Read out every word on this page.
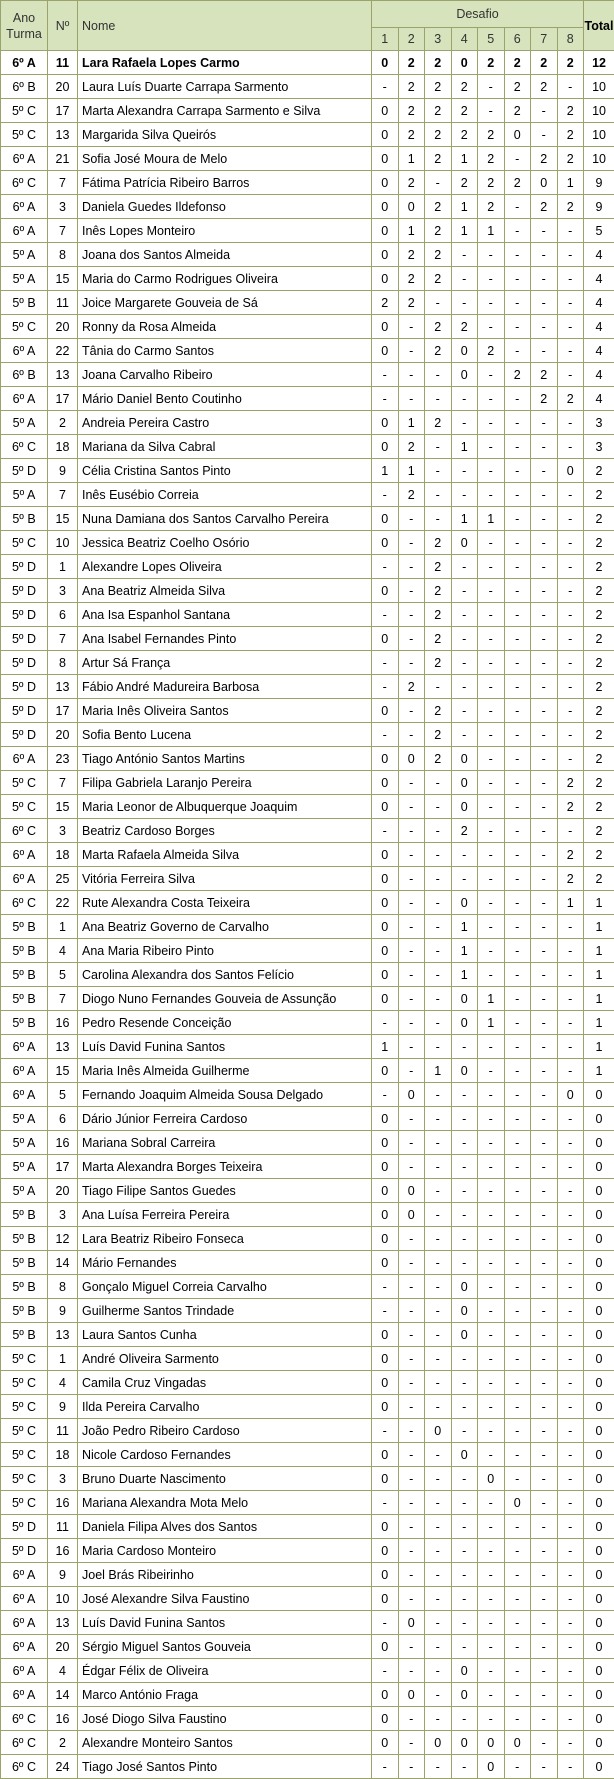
Ano
Turma	Nº	Nome	Desafio								Total
			1	2	3	4	5	6	7	8	
6º A	11	Lara Rafaela Lopes Carmo	0	2	2	0	2	2	2	2	12
6º B	20	Laura Luís Duarte Carrapa Sarmento	-	2	2	2	-	2	2	-	10
5º C	17	Marta Alexandra Carrapa Sarmento e Silva	0	2	2	2	-	2	-	2	10
5º C	13	Margarida Silva Queirós	0	2	2	2	2	0	-	2	10
6º A	21	Sofia José Moura de Melo	0	1	2	1	2	-	2	2	10
6º C	7	Fátima Patrícia Ribeiro Barros	0	2	-	2	2	2	0	1	9
6º A	3	Daniela Guedes Ildefonso	0	0	2	1	2	-	2	2	9
6º A	7	Inês Lopes Monteiro	0	1	2	1	1	-	-	-	5
5º A	8	Joana dos Santos Almeida	0	2	2	-	-	-	-	-	4
5º A	15	Maria do Carmo Rodrigues Oliveira	0	2	2	-	-	-	-	-	4
5º B	11	Joice Margarete Gouveia de Sá	2	2	-	-	-	-	-	-	4
5º C	20	Ronny da Rosa Almeida	0	-	2	2	-	-	-	-	4
6º A	22	Tânia do Carmo Santos	0	-	2	0	2	-	-	-	4
6º B	13	Joana Carvalho Ribeiro	-	-	-	0	-	2	2	-	4
6º A	17	Mário Daniel Bento Coutinho	-	-	-	-	-	-	2	2	4
5º A	2	Andreia Pereira Castro	0	1	2	-	-	-	-	-	3
6º C	18	Mariana da Silva Cabral	0	2	-	1	-	-	-	-	3
5º D	9	Célia Cristina Santos Pinto	1	1	-	-	-	-	-	0	2
5º A	7	Inês Eusébio Correia	-	2	-	-	-	-	-	-	2
5º B	15	Nuna Damiana dos Santos Carvalho Pereira	0	-	-	1	1	-	-	-	2
5º C	10	Jessica Beatriz Coelho Osório	0	-	2	0	-	-	-	-	2
5º D	1	Alexandre Lopes Oliveira	-	-	2	-	-	-	-	-	2
5º D	3	Ana Beatriz Almeida Silva	0	-	2	-	-	-	-	-	2
5º D	6	Ana Isa Espanhol Santana	-	-	2	-	-	-	-	-	2
5º D	7	Ana Isabel Fernandes Pinto	0	-	2	-	-	-	-	-	2
5º D	8	Artur Sá França	-	-	2	-	-	-	-	-	2
5º D	13	Fábio André Madureira Barbosa	-	2	-	-	-	-	-	-	2
5º D	17	Maria Inês Oliveira Santos	0	-	2	-	-	-	-	-	2
5º D	20	Sofia Bento Lucena	-	-	2	-	-	-	-	-	2
6º A	23	Tiago António Santos Martins	0	0	2	0	-	-	-	-	2
5º C	7	Filipa Gabriela Laranjo Pereira	0	-	-	0	-	-	-	2	2
5º C	15	Maria Leonor de Albuquerque Joaquim	0	-	-	0	-	-	-	2	2
6º C	3	Beatriz Cardoso Borges	-	-	-	2	-	-	-	-	2
6º A	18	Marta Rafaela Almeida Silva	0	-	-	-	-	-	-	2	2
6º A	25	Vitória Ferreira Silva	0	-	-	-	-	-	-	2	2
6º C	22	Rute Alexandra Costa Teixeira	0	-	-	0	-	-	-	1	1
5º B	1	Ana Beatriz Governo de Carvalho	0	-	-	1	-	-	-	-	1
5º B	4	Ana Maria Ribeiro Pinto	0	-	-	1	-	-	-	-	1
5º B	5	Carolina Alexandra dos Santos Felício	0	-	-	1	-	-	-	-	1
5º B	7	Diogo Nuno Fernandes Gouveia de Assunção	0	-	-	0	1	-	-	-	1
5º B	16	Pedro Resende Conceição	-	-	-	0	1	-	-	-	1
6º A	13	Luís David Funina Santos	1	-	-	-	-	-	-	-	1
6º A	15	Maria Inês Almeida Guilherme	0	-	1	0	-	-	-	-	1
6º A	5	Fernando Joaquim Almeida Sousa Delgado	-	0	-	-	-	-	-	0	0
5º A	6	Dário Júnior Ferreira Cardoso	0	-	-	-	-	-	-	-	0
5º A	16	Mariana Sobral Carreira	0	-	-	-	-	-	-	-	0
5º A	17	Marta Alexandra Borges Teixeira	0	-	-	-	-	-	-	-	0
5º A	20	Tiago Filipe Santos Guedes	0	0	-	-	-	-	-	-	0
5º B	3	Ana Luísa Ferreira Pereira	0	0	-	-	-	-	-	-	0
5º B	12	Lara Beatriz Ribeiro Fonseca	0	-	-	-	-	-	-	-	0
5º B	14	Mário Fernandes	0	-	-	-	-	-	-	-	0
5º B	8	Gonçalo Miguel Correia Carvalho	-	-	-	0	-	-	-	-	0
5º B	9	Guilherme Santos Trindade	-	-	-	0	-	-	-	-	0
5º B	13	Laura Santos Cunha	0	-	-	0	-	-	-	-	0
5º C	1	André Oliveira Sarmento	0	-	-	-	-	-	-	-	0
5º C	4	Camila Cruz Vingadas	0	-	-	-	-	-	-	-	0
5º C	9	Ilda Pereira Carvalho	0	-	-	-	-	-	-	-	0
5º C	11	João Pedro Ribeiro Cardoso	-	-	0	-	-	-	-	-	0
5º C	18	Nicole Cardoso Fernandes	0	-	-	0	-	-	-	-	0
5º C	3	Bruno Duarte Nascimento	0	-	-	-	0	-	-	-	0
5º C	16	Mariana Alexandra Mota Melo	-	-	-	-	-	0	-	-	0
5º D	11	Daniela Filipa Alves dos Santos	0	-	-	-	-	-	-	-	0
5º D	16	Maria Cardoso Monteiro	0	-	-	-	-	-	-	-	0
6º A	9	Joel Brás Ribeirinho	0	-	-	-	-	-	-	-	0
6º A	10	José Alexandre Silva Faustino	0	-	-	-	-	-	-	-	0
6º A	13	Luís David Funina Santos	-	0	-	-	-	-	-	-	0
6º A	20	Sérgio Miguel Santos Gouveia	0	-	-	-	-	-	-	-	0
6º A	4	Édgar Félix de Oliveira	-	-	-	0	-	-	-	-	0
6º A	14	Marco António Fraga	0	0	-	0	-	-	-	-	0
6º C	16	José Diogo Silva Faustino	0	-	-	-	-	-	-	-	0
6º C	2	Alexandre Monteiro Santos	0	-	0	0	0	0	-	-	0
6º C	24	Tiago José Santos Pinto	-	-	-	-	0	-	-	-	0
